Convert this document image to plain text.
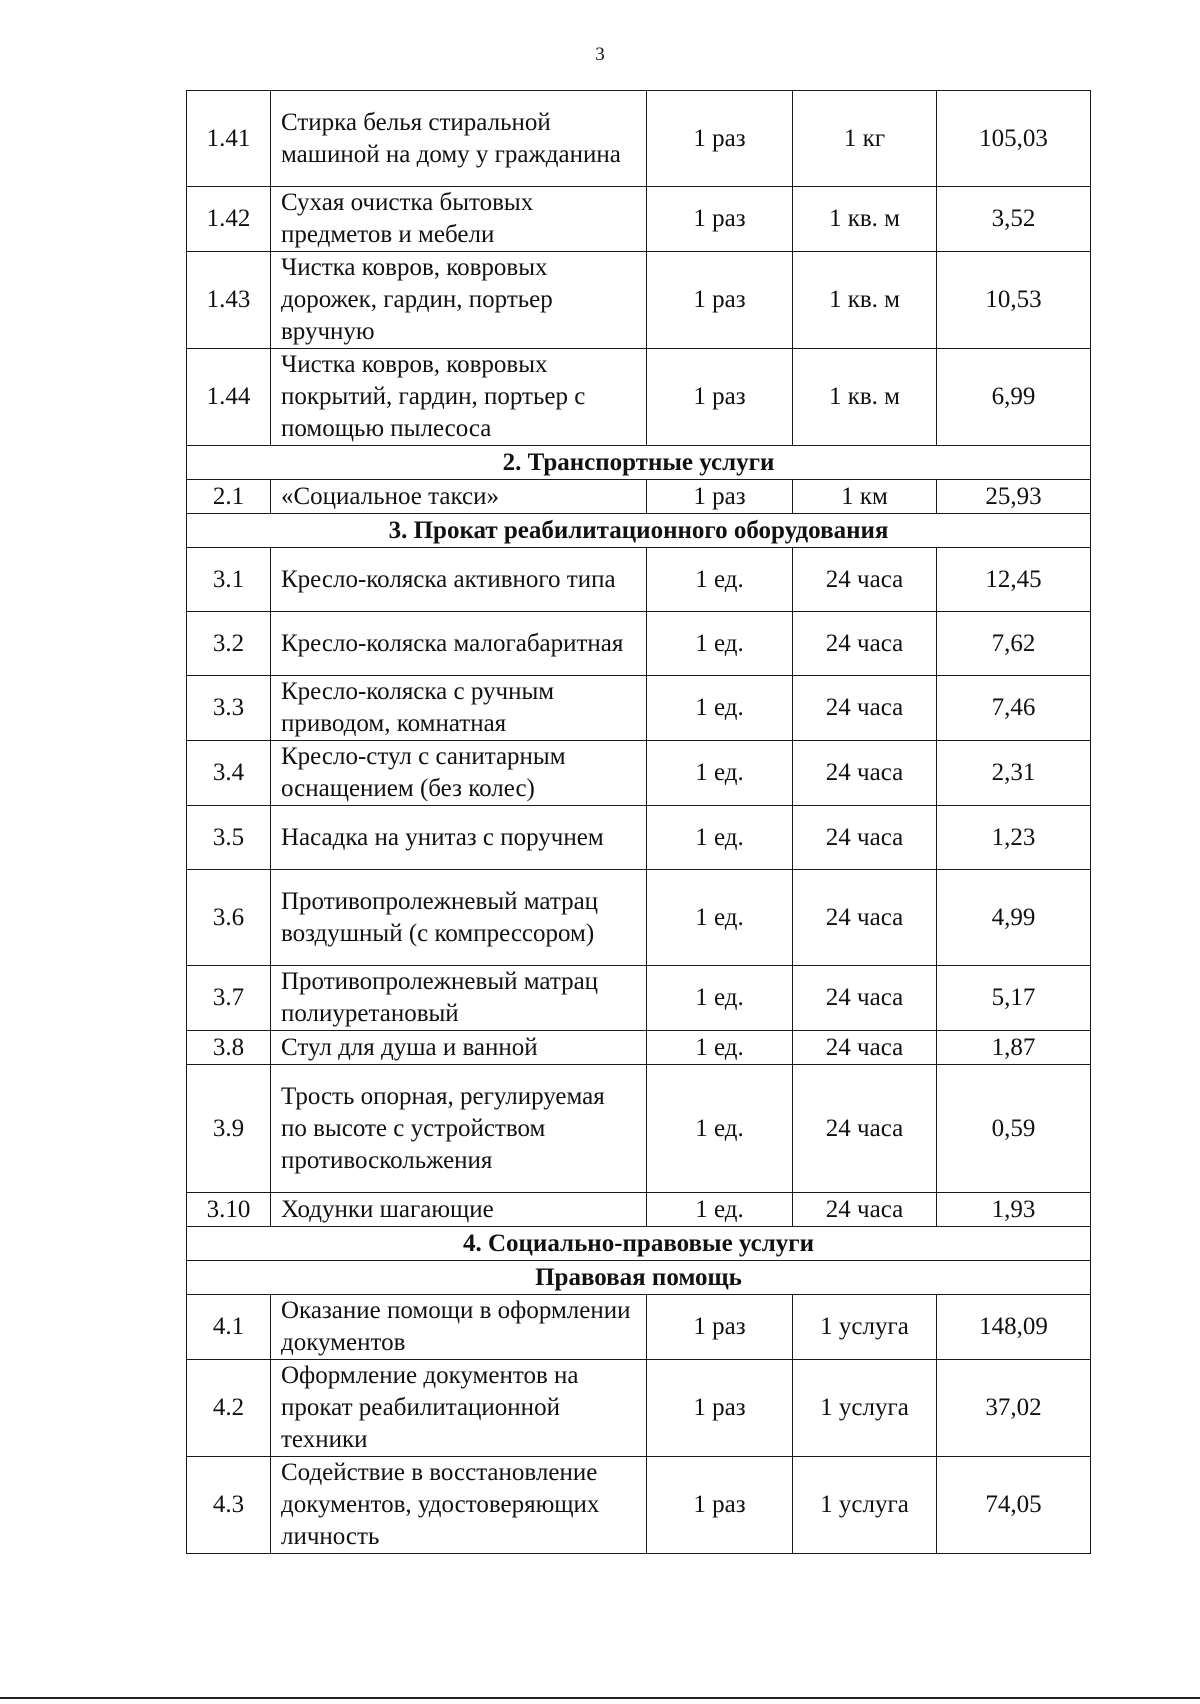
3
1.41	Стирка белья стиральной машиной на дому у гражданина	1 раз	1 кг	105,03
1.42	Сухая очистка бытовых предметов и мебели	1 раз	1 кв. м	3,52
1.43	Чистка ковров, ковровых дорожек, гардин, портьер вручную	1 раз	1 кв. м	10,53
1.44	Чистка ковров, ковровых покрытий, гардин, портьер с помощью пылесоса	1 раз	1 кв. м	6,99
2. Транспортные услуги				
2.1	«Социальное такси»	1 раз	1 км	25,93
3. Прокат реабилитационного оборудования				
3.1	Кресло-коляска активного типа	1 ед.	24 часа	12,45
3.2	Кресло-коляска малогабаритная	1 ед.	24 часа	7,62
3.3	Кресло-коляска с ручным приводом, комнатная	1 ед.	24 часа	7,46
3.4	Кресло-стул с санитарным оснащением (без колес)	1 ед.	24 часа	2,31
3.5	Насадка на унитаз с поручнем	1 ед.	24 часа	1,23
3.6	Противопролежневый матрац воздушный (с компрессором)	1 ед.	24 часа	4,99
3.7	Противопролежневый матрац полиуретановый	1 ед.	24 часа	5,17
3.8	Стул для душа и ванной	1 ед.	24 часа	1,87
3.9	Трость опорная, регулируемая по высоте с устройством противоскольжения	1 ед.	24 часа	0,59
3.10	Ходунки шагающие	1 ед.	24 часа	1,93
4. Социально-правовые услуги				
Правовая помощь				
4.1	Оказание помощи в оформлении документов	1 раз	1 услуга	148,09
4.2	Оформление документов на прокат реабилитационной техники	1 раз	1 услуга	37,02
4.3	Содействие в восстановление документов, удостоверяющих личность	1 раз	1 услуга	74,05
